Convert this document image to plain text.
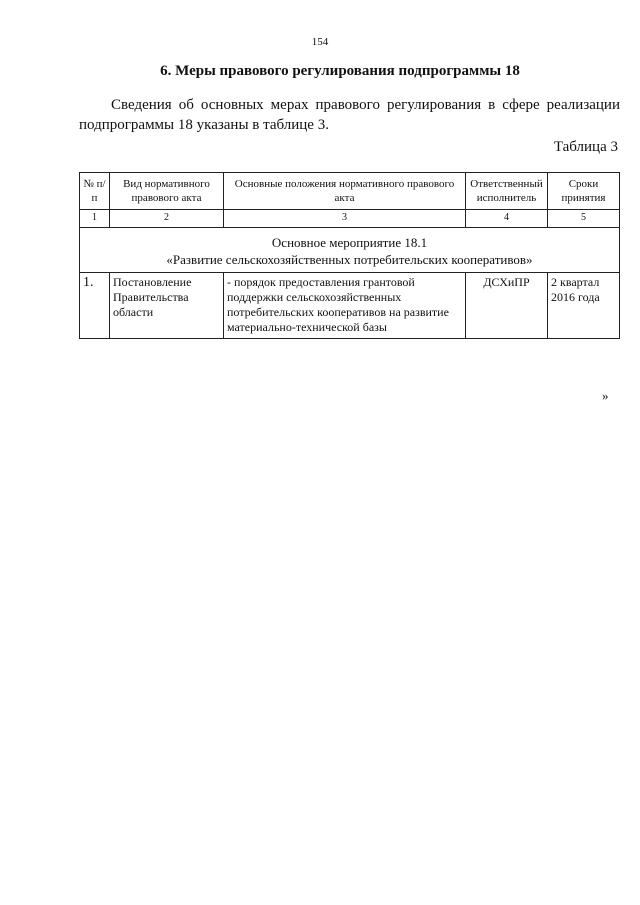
154
6. Меры правового регулирования подпрограммы 18

Сведения об основных мерах правового регулирования в сфере реализации подпрограммы 18 указаны в таблице 3.

Таблица 3
№ п/п	Вид нормативного правового акта	Основные положения нормативного правового акта	Ответственный исполнитель	Сроки принятия
1	2	3	4	5

Основное мероприятие 18.1
«Развитие сельскохозяйственных потребительских кооперативов»				

1.	Постановление Правительства области	- порядок предоставления грантовой поддержки сельскохозяйственных потребительских кооперативов на развитие материально-технической базы	ДСХиПР	2 квартал 2016 года
»
